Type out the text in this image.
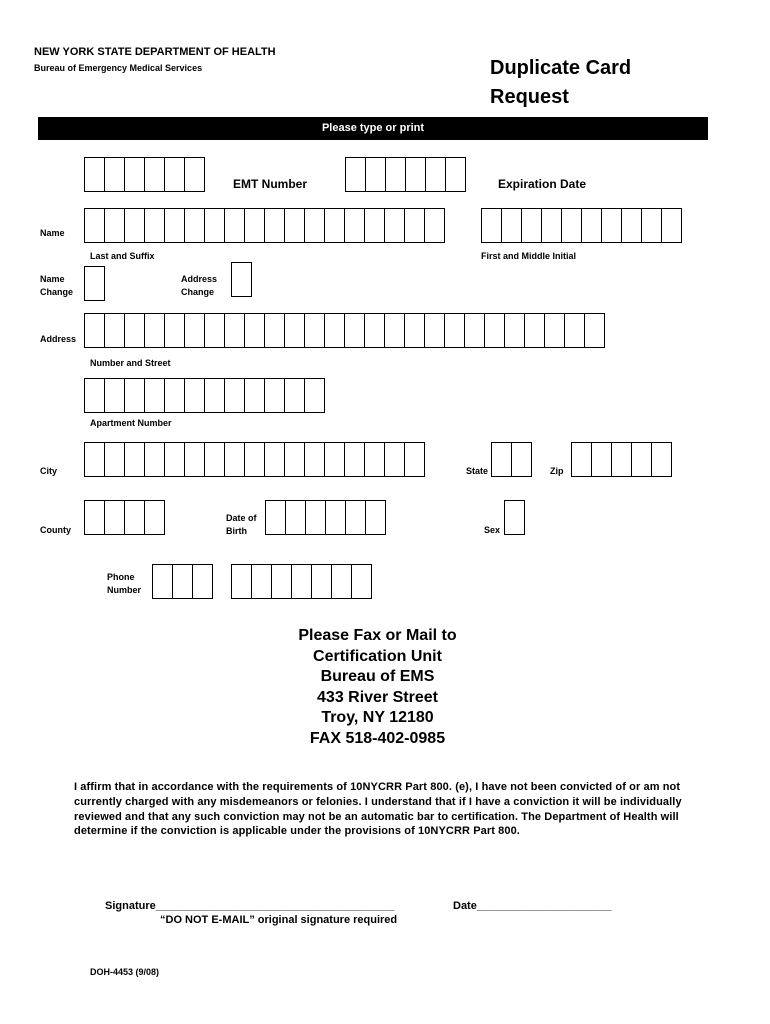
NEW YORK STATE DEPARTMENT OF HEALTH
Bureau of Emergency Medical Services	Duplicate Card
Request
Please type or print
EMT Number	Expiration Date
Name
Last and Suffix	First and Middle Initial
Name
Change
Address
Change
Address
Number and Street
Apartment Number
City	State	Zip
County
Date of
Birth	Sex
Phone
Number
Please Fax or Mail to
Certification Unit
Bureau of EMS
433 River Street
Troy, NY 12180
FAX 518-402-0985
I affirm that in accordance with the requirements of 10NYCRR Part 800. (e), I have not been convicted of or am not currently charged with any misdemeanors or felonies. I understand that if I have a conviction it will be individually reviewed and that any such conviction may not be an automatic bar to certification. The Department of Health will determine if the conviction is applicable under the provisions of 10NYCRR Part 800.
Signature_______________________________________	Date______________________
“DO NOT E-MAIL” original signature required
DOH-4453 (9/08)
